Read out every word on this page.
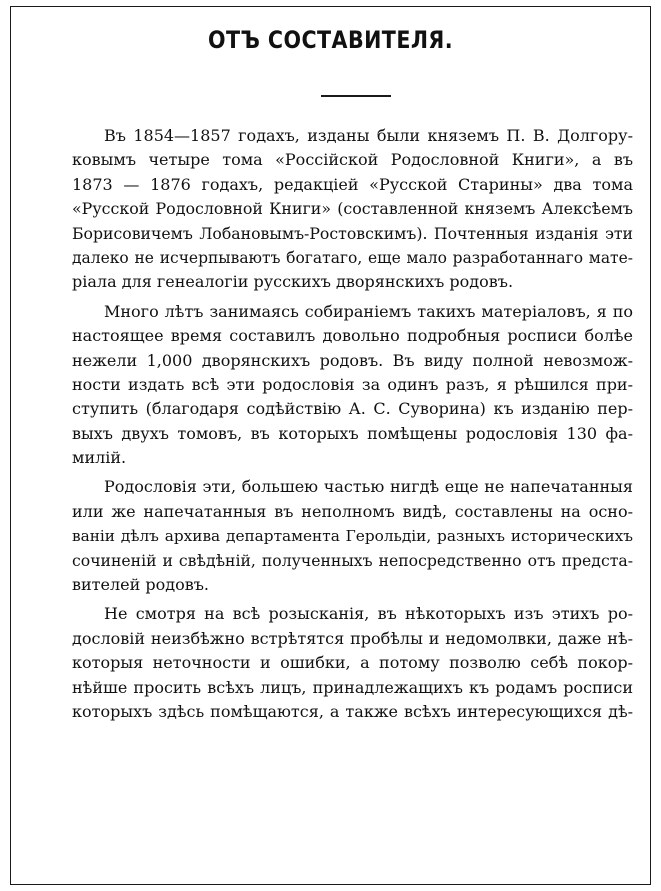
ОТЪ СОСТАВИТЕЛЯ.
Въ 1854—1857 годахъ, изданы были княземъ П. В. Долгору-
ковымъ четыре тома «Россійской Родословной Книги», а въ
1873 — 1876 годахъ, редакціей «Русской Старины» два тома
«Русской Родословной Книги» (составленной княземъ Алексѣемъ
Борисовичемъ Лобановымъ-Ростовскимъ). Почтенныя изданія эти
далеко не исчерпываютъ богатаго, еще мало разработаннаго мате-
ріала для генеалогіи русскихъ дворянскихъ родовъ.
Много лѣтъ занимаясь собираніемъ такихъ матеріаловъ, я по
настоящее время составилъ довольно подробныя росписи болѣе
нежели 1,000 дворянскихъ родовъ. Въ виду полной невозмож-
ности издать всѣ эти родословія за одинъ разъ, я рѣшился при-
ступить (благодаря содѣйствію А. С. Суворина) къ изданію пер-
выхъ двухъ томовъ, въ которыхъ помѣщены родословія 130 фа-
милій.
Родословія эти, большею частью нигдѣ еще не напечатанныя
или же напечатанныя въ неполномъ видѣ, составлены на осно-
ваніи дѣлъ архива департамента Герольдіи, разныхъ историческихъ
сочиненій и свѣдѣній, полученныхъ непосредственно отъ предста-
вителей родовъ.
Не смотря на всѣ розысканія, въ нѣкоторыхъ изъ этихъ ро-
дословій неизбѣжно встрѣтятся пробѣлы и недомолвки, даже нѣ-
которыя неточности и ошибки, а потому позволю себѣ покор-
нѣйше просить всѣхъ лицъ, принадлежащихъ къ родамъ росписи
которыхъ здѣсь помѣщаются, а также всѣхъ интересующихся дѣ-
